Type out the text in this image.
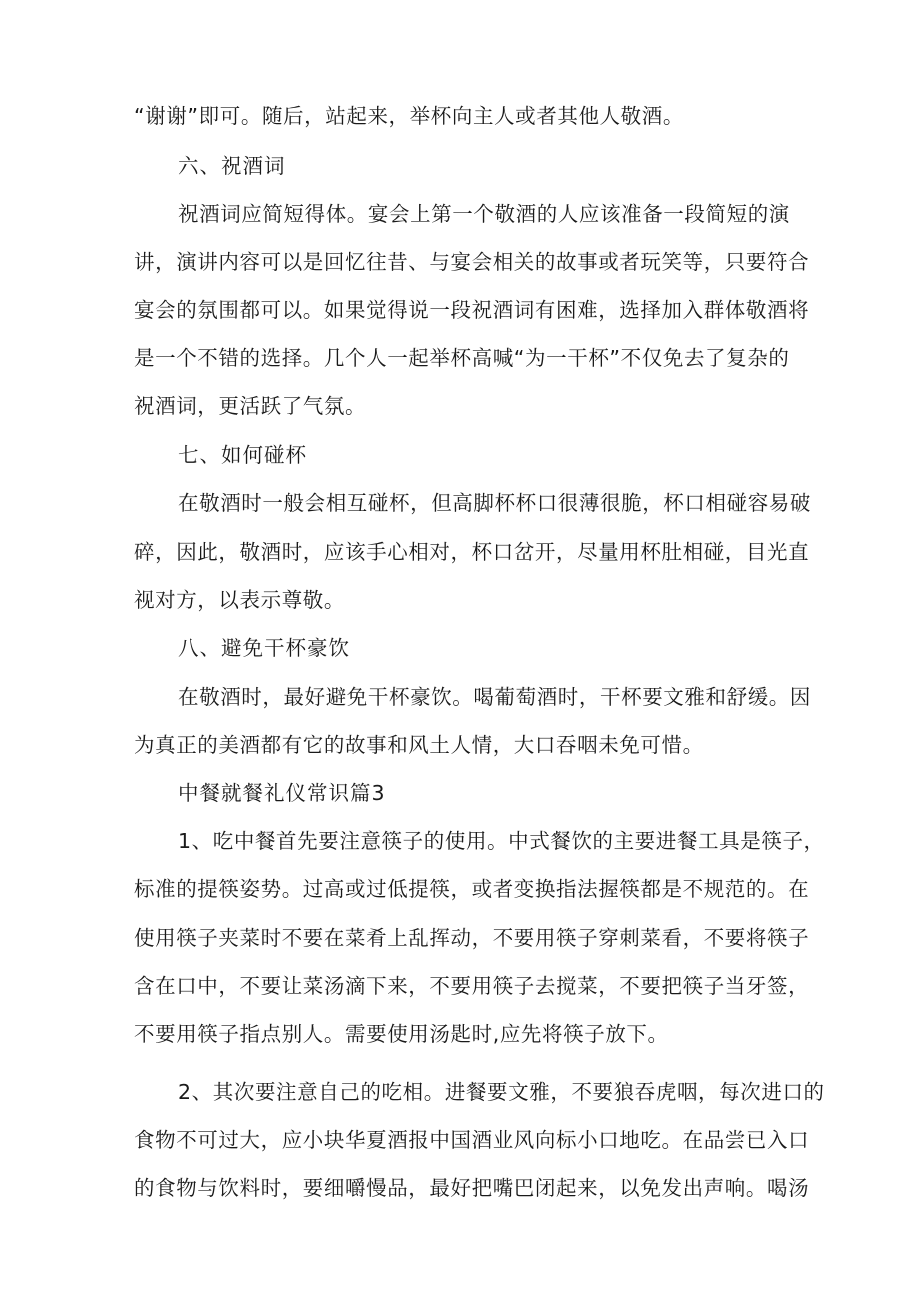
“谢谢”即可。随后，站起来，举杯向主人或者其他人敬酒。
六、祝酒词
祝酒词应简短得体。宴会上第一个敬酒的人应该准备一段简短的演
讲，演讲内容可以是回忆往昔、与宴会相关的故事或者玩笑等，只要符合
宴会的氛围都可以。如果觉得说一段祝酒词有困难，选择加入群体敬酒将
是一个不错的选择。几个人一起举杯高喊“为一干杯”不仅免去了复杂的
祝酒词，更活跃了气氛。
七、如何碰杯
在敬酒时一般会相互碰杯，但高脚杯杯口很薄很脆，杯口相碰容易破
碎，因此，敬酒时，应该手心相对，杯口岔开，尽量用杯肚相碰，目光直
视对方，以表示尊敬。
八、避免干杯豪饮
在敬酒时，最好避免干杯豪饮。喝葡萄酒时，干杯要文雅和舒缓。因
为真正的美酒都有它的故事和风土人情，大口吞咽未免可惜。
中餐就餐礼仪常识篇3
1、吃中餐首先要注意筷子的使用。中式餐饮的主要进餐工具是筷子，
标准的提筷姿势。过高或过低提筷，或者变换指法握筷都是不规范的。在
使用筷子夹菜时不要在菜肴上乱挥动，不要用筷子穿刺菜看，不要将筷子
含在口中，不要让菜汤滴下来，不要用筷子去搅菜，不要把筷子当牙签，
不要用筷子指点别人。需要使用汤匙时,应先将筷子放下。
2、其次要注意自己的吃相。进餐要文雅，不要狼吞虎咽，每次进口的
食物不可过大，应小块华夏酒报中国酒业风向标小口地吃。在品尝已入口
的食物与饮料时，要细嚼慢品，最好把嘴巴闭起来，以免发出声响。喝汤
